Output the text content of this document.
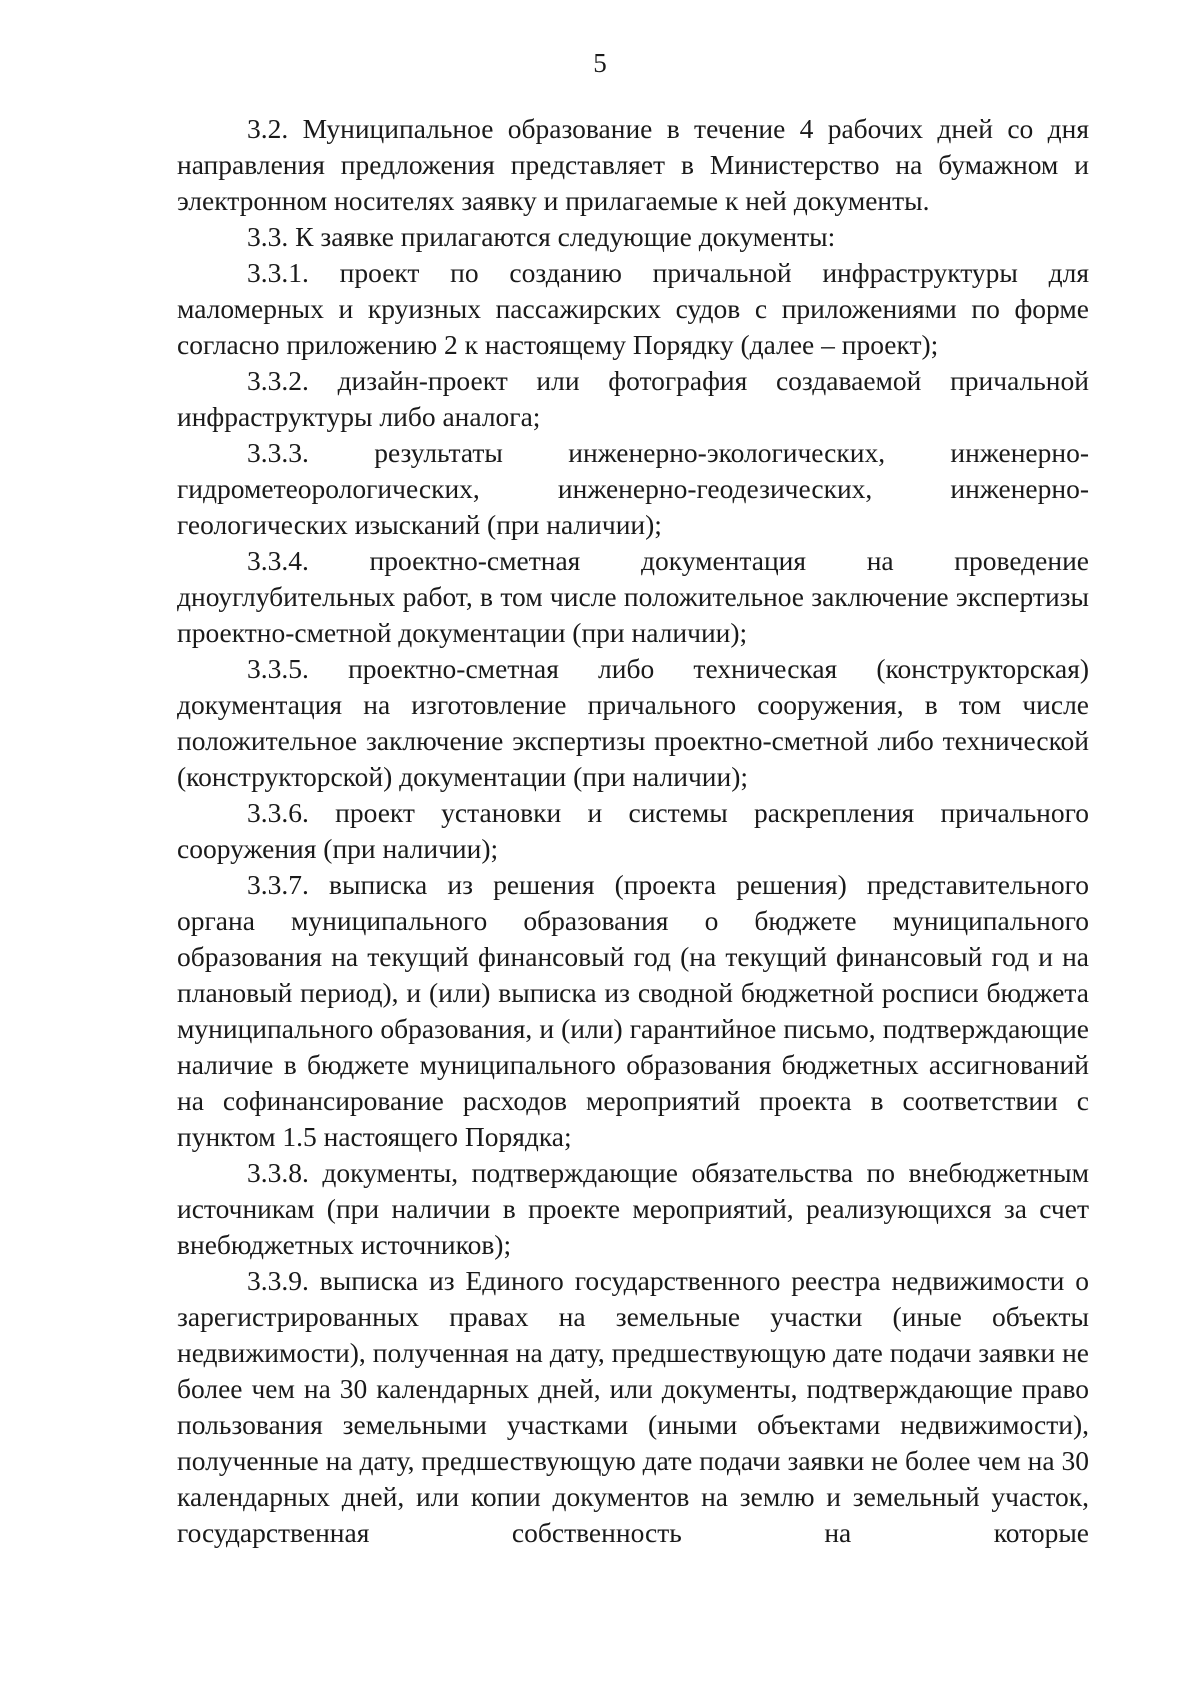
5

3.2. Муниципальное образование в течение 4 рабочих дней со дня направления предложения представляет в Министерство на бумажном и электронном носителях заявку и прилагаемые к ней документы.

3.3. К заявке прилагаются следующие документы:

3.3.1. проект по созданию причальной инфраструктуры для маломерных и круизных пассажирских судов с приложениями по форме согласно приложению 2 к настоящему Порядку (далее – проект);

3.3.2. дизайн-проект или фотография создаваемой причальной инфраструктуры либо аналога;

3.3.3. результаты инженерно-экологических, инженерно-гидрометеорологических, инженерно-геодезических, инженерно-геологических изысканий (при наличии);

3.3.4. проектно-сметная документация на проведение дноуглубительных работ, в том числе положительное заключение экспертизы проектно-сметной документации (при наличии);

3.3.5. проектно-сметная либо техническая (конструкторская) документация на изготовление причального сооружения, в том числе положительное заключение экспертизы проектно-сметной либо технической (конструкторской) документации (при наличии);

3.3.6. проект установки и системы раскрепления причального сооружения (при наличии);

3.3.7. выписка из решения (проекта решения) представительного органа муниципального образования о бюджете муниципального образования на текущий финансовый год (на текущий финансовый год и на плановый период), и (или) выписка из сводной бюджетной росписи бюджета муниципального образования, и (или) гарантийное письмо, подтверждающие наличие в бюджете муниципального образования бюджетных ассигнований на софинансирование расходов мероприятий проекта в соответствии с пунктом 1.5 настоящего Порядка;

3.3.8. документы, подтверждающие обязательства по внебюджетным источникам (при наличии в проекте мероприятий, реализующихся за счет внебюджетных источников);

3.3.9. выписка из Единого государственного реестра недвижимости о зарегистрированных правах на земельные участки (иные объекты недвижимости), полученная на дату, предшествующую дате подачи заявки не более чем на 30 календарных дней, или документы, подтверждающие право пользования земельными участками (иными объектами недвижимости), полученные на дату, предшествующую дате подачи заявки не более чем на 30 календарных дней, или копии документов на землю и земельный участок, государственная собственность на которые
